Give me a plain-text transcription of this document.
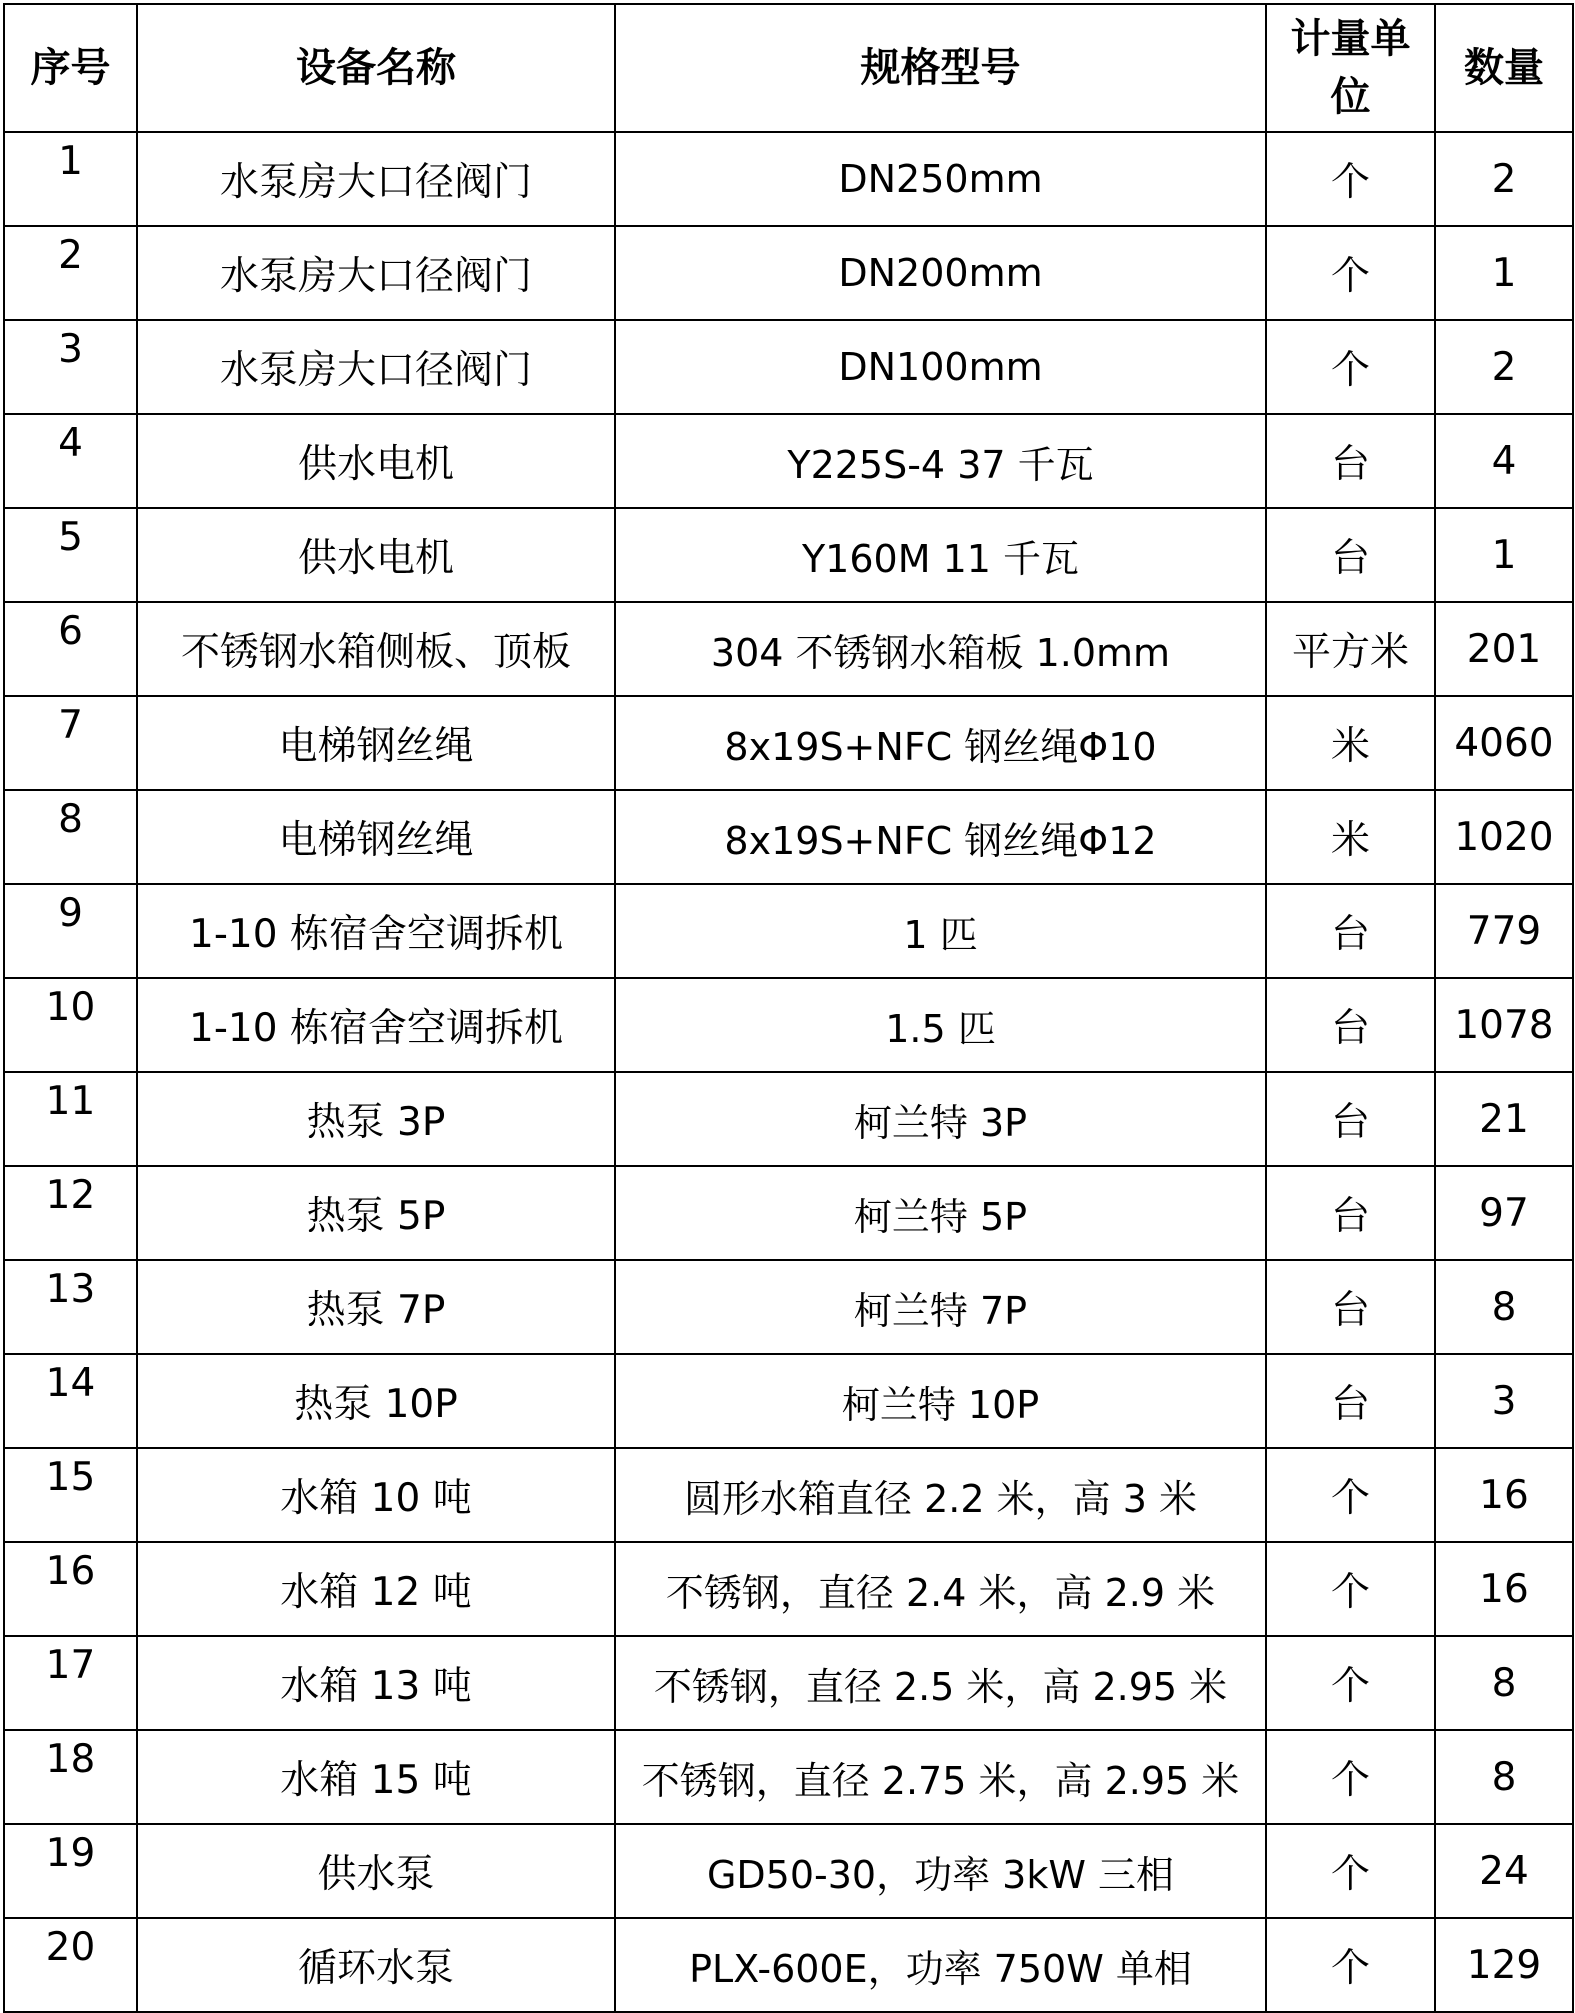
序号	设备名称	规格型号	计量单位	数量
1	水泵房大口径阀门	DN250mm	个	2
2	水泵房大口径阀门	DN200mm	个	1
3	水泵房大口径阀门	DN100mm	个	2
4	供水电机	Y225S-4 37 千瓦	台	4
5	供水电机	Y160M 11 千瓦	台	1
6	不锈钢水箱侧板、顶板	304 不锈钢水箱板 1.0mm	平方米	201
7	电梯钢丝绳	8x19S+NFC 钢丝绳Φ10	米	4060
8	电梯钢丝绳	8x19S+NFC 钢丝绳Φ12	米	1020
9	1-10 栋宿舍空调拆机	1 匹	台	779
10	1-10 栋宿舍空调拆机	1.5 匹	台	1078
11	热泵 3P	柯兰特 3P	台	21
12	热泵 5P	柯兰特 5P	台	97
13	热泵 7P	柯兰特 7P	台	8
14	热泵 10P	柯兰特 10P	台	3
15	水箱 10 吨	圆形水箱直径 2.2 米，高 3 米	个	16
16	水箱 12 吨	不锈钢，直径 2.4 米，高 2.9 米	个	16
17	水箱 13 吨	不锈钢，直径 2.5 米，高 2.95 米	个	8
18	水箱 15 吨	不锈钢，直径 2.75 米，高 2.95 米	个	8
19	供水泵	GD50-30，功率 3kW 三相	个	24
20	循环水泵	PLX-600E，功率 750W 单相	个	129
